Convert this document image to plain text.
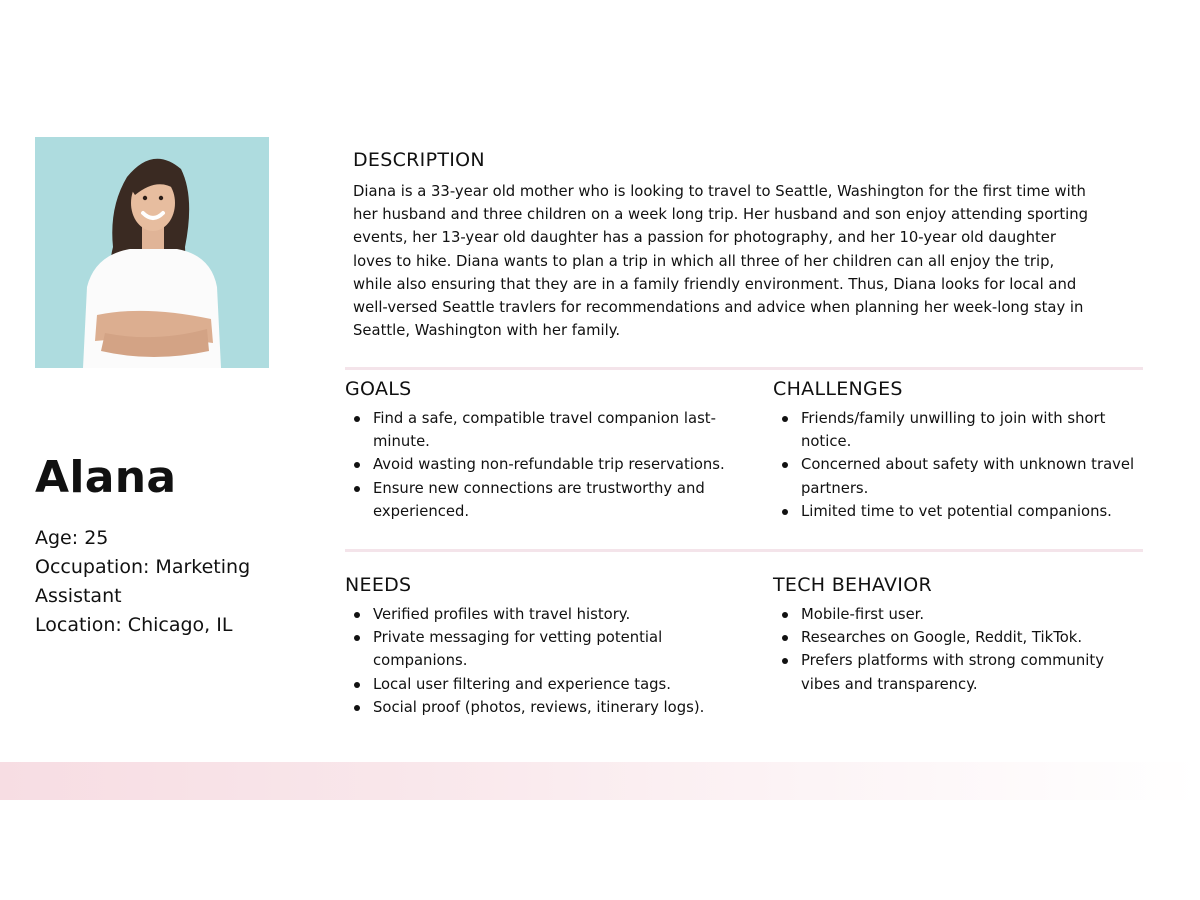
Alana
Age: 25
Occupation: Marketing Assistant
Location: Chicago, IL
DESCRIPTION

Diana is a 33-year old mother who is looking to travel to Seattle, Washington for the first time with her husband and three children on a week long trip. Her husband and son enjoy attending sporting events, her 13-year old daughter has a passion for photography, and her 10-year old daughter loves to hike. Diana wants to plan a trip in which all three of her children can all enjoy the trip, while also ensuring that they are in a family friendly environment. Thus, Diana looks for local and well-versed Seattle travlers for recommendations and advice when planning her week-long stay in Seattle, Washington with her family.

GOALS
Find a safe, compatible travel companion last-minute.
Avoid wasting non-refundable trip reservations.
Ensure new connections are trustworthy and experienced.
CHALLENGES
Friends/family unwilling to join with short notice.
Concerned about safety with unknown travel partners.
Limited time to vet potential companions.
NEEDS
Verified profiles with travel history.
Private messaging for vetting potential companions.
Local user filtering and experience tags.
Social proof (photos, reviews, itinerary logs).
TECH BEHAVIOR
Mobile-first user.
Researches on Google, Reddit, TikTok.
Prefers platforms with strong community vibes and transparency.
